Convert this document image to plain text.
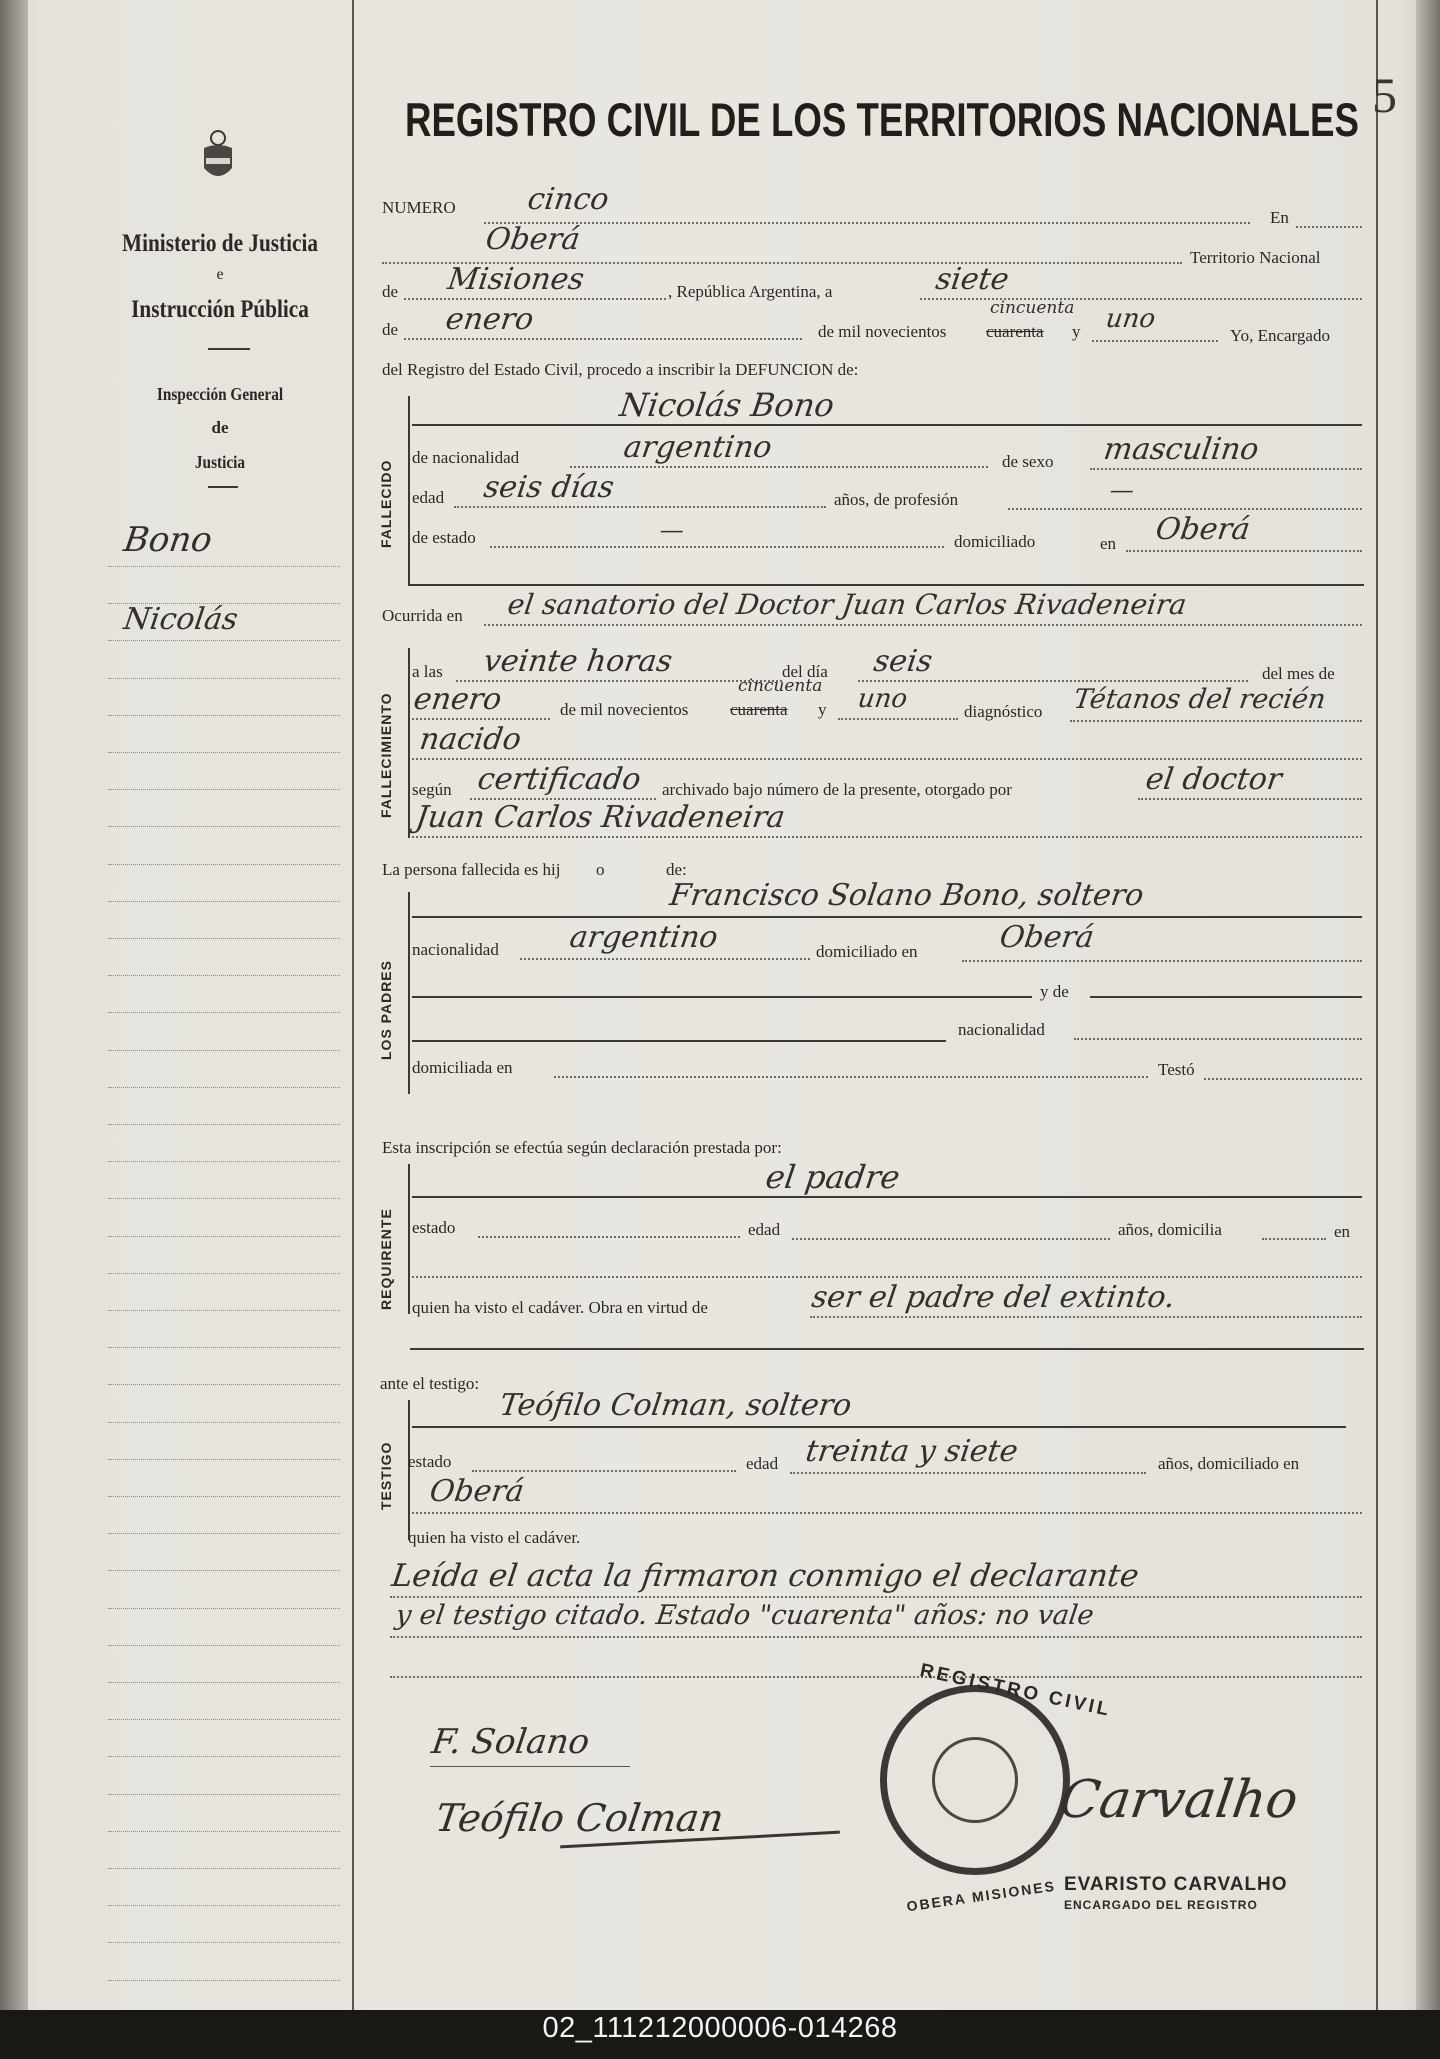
5
REGISTRO CIVIL DE LOS TERRITORIOS NACIONALES
Ministerio de Justicia
e
Instrucción Pública
Inspección General
de
Justicia
Bono
Nicolás
NUMERO cinco
En
Oberá
Territorio Nacional
de Misiones	, República Argentina, a	siete
de enero	de mil novecientos cuarenta
cincuenta
y uno
Yo, Encargado
del Registro del Estado Civil, procedo a inscribir la DEFUNCION de:
FALLECIDO
Nicolás Bono
de nacionalidad	argentino	de sexo masculino
edad seis días	años, de profesión	—
de estado	—	domiciliado	en Oberá
Ocurrida en el sanatorio del Doctor Juan Carlos Rivadeneira
FALLECIMIENTO
a las veinte horas	del día seis	del mes de
enero	de mil novecientos cuarenta
cincuenta
y uno	diagnóstico Tétanos del recién
nacido
según certificado archivado bajo número de la presente, otorgado por	el doctor
Juan Carlos Rivadeneira
La persona fallecida es hij o	de:
LOS PADRES
Francisco Solano Bono, soltero
nacionalidad argentino	domiciliado en	Oberá
y de
nacionalidad
domiciliada en	Testó
Esta inscripción se efectúa según declaración prestada por:
REQUIRENTE
el padre
estado	edad	años, domicilia	en
quien ha visto el cadáver. Obra en virtud de	ser el padre del extinto.
ante el testigo:
TESTIGO
Teófilo Colman, soltero
estado	edad treinta y siete	años, domiciliado en
Oberá
quien ha visto el cadáver.
Leída el acta la firmaron conmigo el declarante
y el testigo citado. Estado "cuarenta" años: no vale
F. Solano
Teófilo Colman
REGISTRO CIVIL
OBERA MISIONES
Carvalho
EVARISTO CARVALHO
ENCARGADO DEL REGISTRO
02_111212000006-014268
